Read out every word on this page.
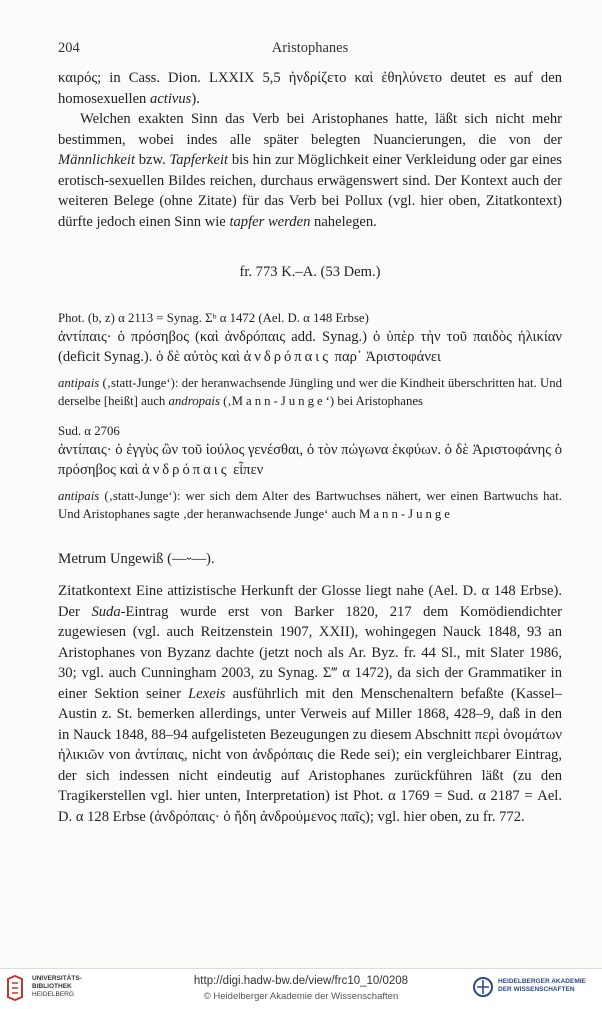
204	Aristophanes

καιρός; in Cass. Dion. LXXIX 5,5 ἠνδρίζετο καὶ ἐθηλύνετο deutet es auf den homosexuellen activus).

Welchen exakten Sinn das Verb bei Aristophanes hatte, läßt sich nicht mehr bestimmen, wobei indes alle später belegten Nuancierungen, die von der Männlichkeit bzw. Tapferkeit bis hin zur Möglichkeit einer Verkleidung oder gar eines erotisch-sexuellen Bildes reichen, durchaus erwägenswert sind. Der Kontext auch der weiteren Belege (ohne Zitate) für das Verb bei Pollux (vgl. hier oben, Zitatkontext) dürfte jedoch einen Sinn wie tapfer werden nahelegen.

fr. 773 K.–A. (53 Dem.)

Phot. (b, z) α 2113 = Synag. Σᵇ α 1472 (Ael. D. α 148 Erbse)

ἀντίπαις· ὁ πρόσηβος (καὶ ἀνδρόπαις add. Synag.) ὁ ὑπὲρ τὴν τοῦ παιδὸς ἡλικίαν (deficit Synag.). ὁ δὲ αὐτὸς καὶ ἀνδρόπαις παρ᾽ Ἀριστοφάνει

antipais (‚statt-Junge‘): der heranwachsende Jüngling und wer die Kindheit überschritten hat. Und derselbe [heißt] auch andropais (‚Mann-Junge‘) bei Aristophanes

Sud. α 2706

ἀντίπαις· ὁ ἐγγὺς ὢν τοῦ ἰούλος γενέσθαι, ὁ τὸν πώγωνα ἐκφύων. ὁ δὲ Ἀριστοφάνης ὁ πρόσηβος καὶ ἀνδρόπαις εἶπεν

antipais (‚statt-Junge‘): wer sich dem Alter des Bartwuchses nähert, wer einen Bartwuchs hat. Und Aristophanes sagte ‚der heranwachsende Junge‘ auch Mann-Junge

Metrum Ungewiß (—⏑—).

Zitatkontext Eine attizistische Herkunft der Glosse liegt nahe (Ael. D. α 148 Erbse). Der Suda-Eintrag wurde erst von Barker 1820, 217 dem Komödiendichter zugewiesen (vgl. auch Reitzenstein 1907, XXII), wohingegen Nauck 1848, 93 an Aristophanes von Byzanz dachte (jetzt noch als Ar. Byz. fr. 44 Sl., mit Slater 1986, 30; vgl. auch Cunningham 2003, zu Synag. Σ‴ α 1472), da sich der Grammatiker in einer Sektion seiner Lexeis ausführlich mit den Menschenaltern befaßte (Kassel–Austin z. St. bemerken allerdings, unter Verweis auf Miller 1868, 428–9, daß in den in Nauck 1848, 88–94 aufgelisteten Bezeugungen zu diesem Abschnitt περὶ ὀνομάτων ἡλικιῶν von ἀντίπαις, nicht von ἀνδρόπαις die Rede sei); ein vergleichbarer Eintrag, der sich indessen nicht eindeutig auf Aristophanes zurückführen läßt (zu den Tragikerstellen vgl. hier unten, Interpretation) ist Phot. α 1769 = Sud. α 2187 = Ael. D. α 128 Erbse (ἀνδρόπαις· ὁ ἤδη ἀνδρούμενος παῖς); vgl. hier oben, zu fr. 772.

UNIVERSITÄTS-
BIBLIOTHEK
HEIDELBERG
http://digi.hadw-bw.de/view/frc10_10/0208
© Heidelberger Akademie der Wissenschaften
HEIDELBERGER AKADEMIE
DER WISSENSCHAFTEN
